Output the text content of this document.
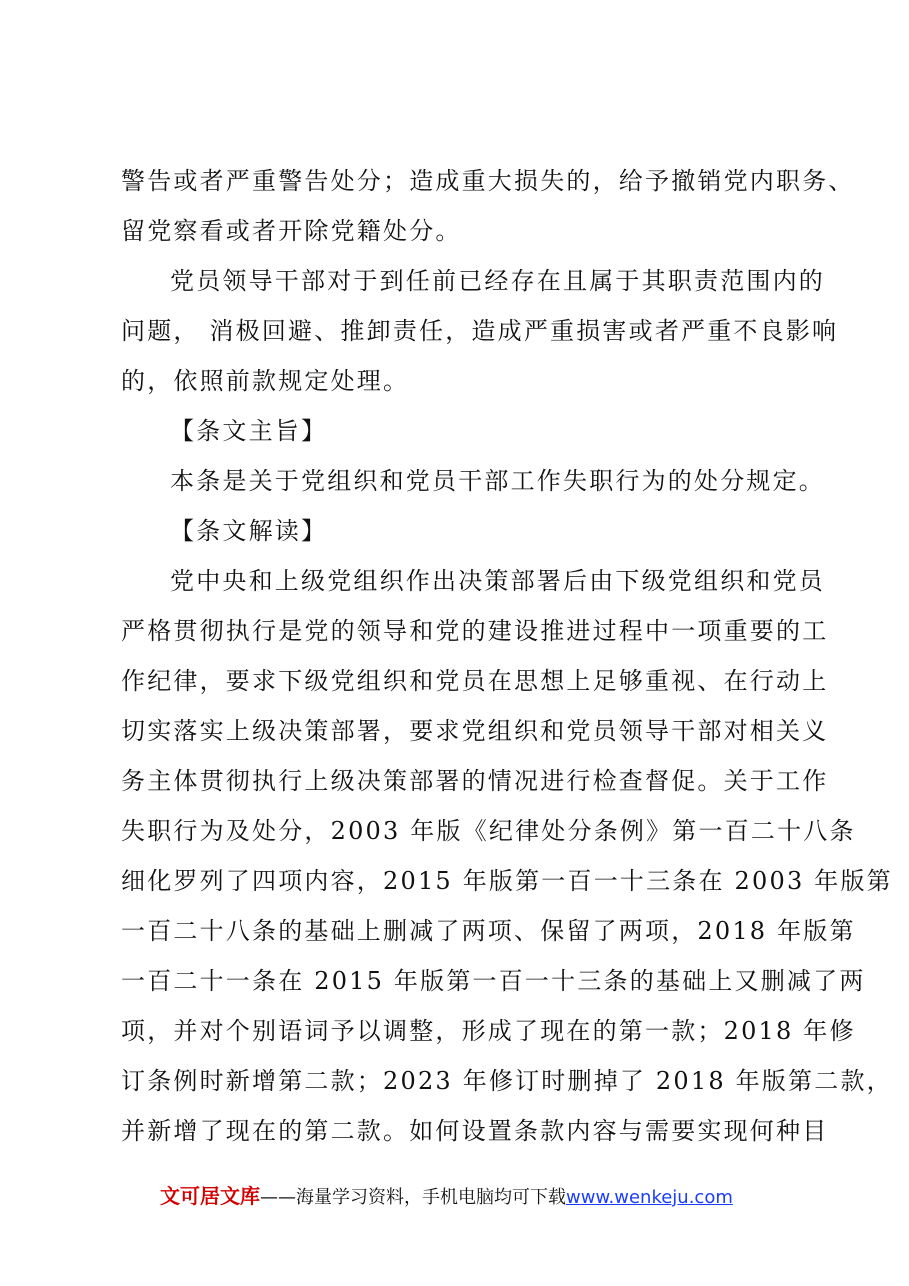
警告或者严重警告处分；造成重大损失的，给予撤销党内职务、
留党察看或者开除党籍处分。
党员领导干部对于到任前已经存在且属于其职责范围内的
问题， 消极回避、推卸责任，造成严重损害或者严重不良影响
的，依照前款规定处理。
【条文主旨】
本条是关于党组织和党员干部工作失职行为的处分规定。
【条文解读】
党中央和上级党组织作出决策部署后由下级党组织和党员
严格贯彻执行是党的领导和党的建设推进过程中一项重要的工
作纪律，要求下级党组织和党员在思想上足够重视、在行动上
切实落实上级决策部署，要求党组织和党员领导干部对相关义
务主体贯彻执行上级决策部署的情况进行检查督促。关于工作
失职行为及处分，2003 年版《纪律处分条例》第一百二十八条
细化罗列了四项内容，2015 年版第一百一十三条在 2003 年版第
一百二十八条的基础上删减了两项、保留了两项，2018 年版第
一百二十一条在 2015 年版第一百一十三条的基础上又删减了两
项，并对个别语词予以调整，形成了现在的第一款；2018 年修
订条例时新增第二款；2023 年修订时删掉了 2018 年版第二款，
并新增了现在的第二款。如何设置条款内容与需要实现何种目
文可居文库——海量学习资料，手机电脑均可下载www.wenkeju.com
